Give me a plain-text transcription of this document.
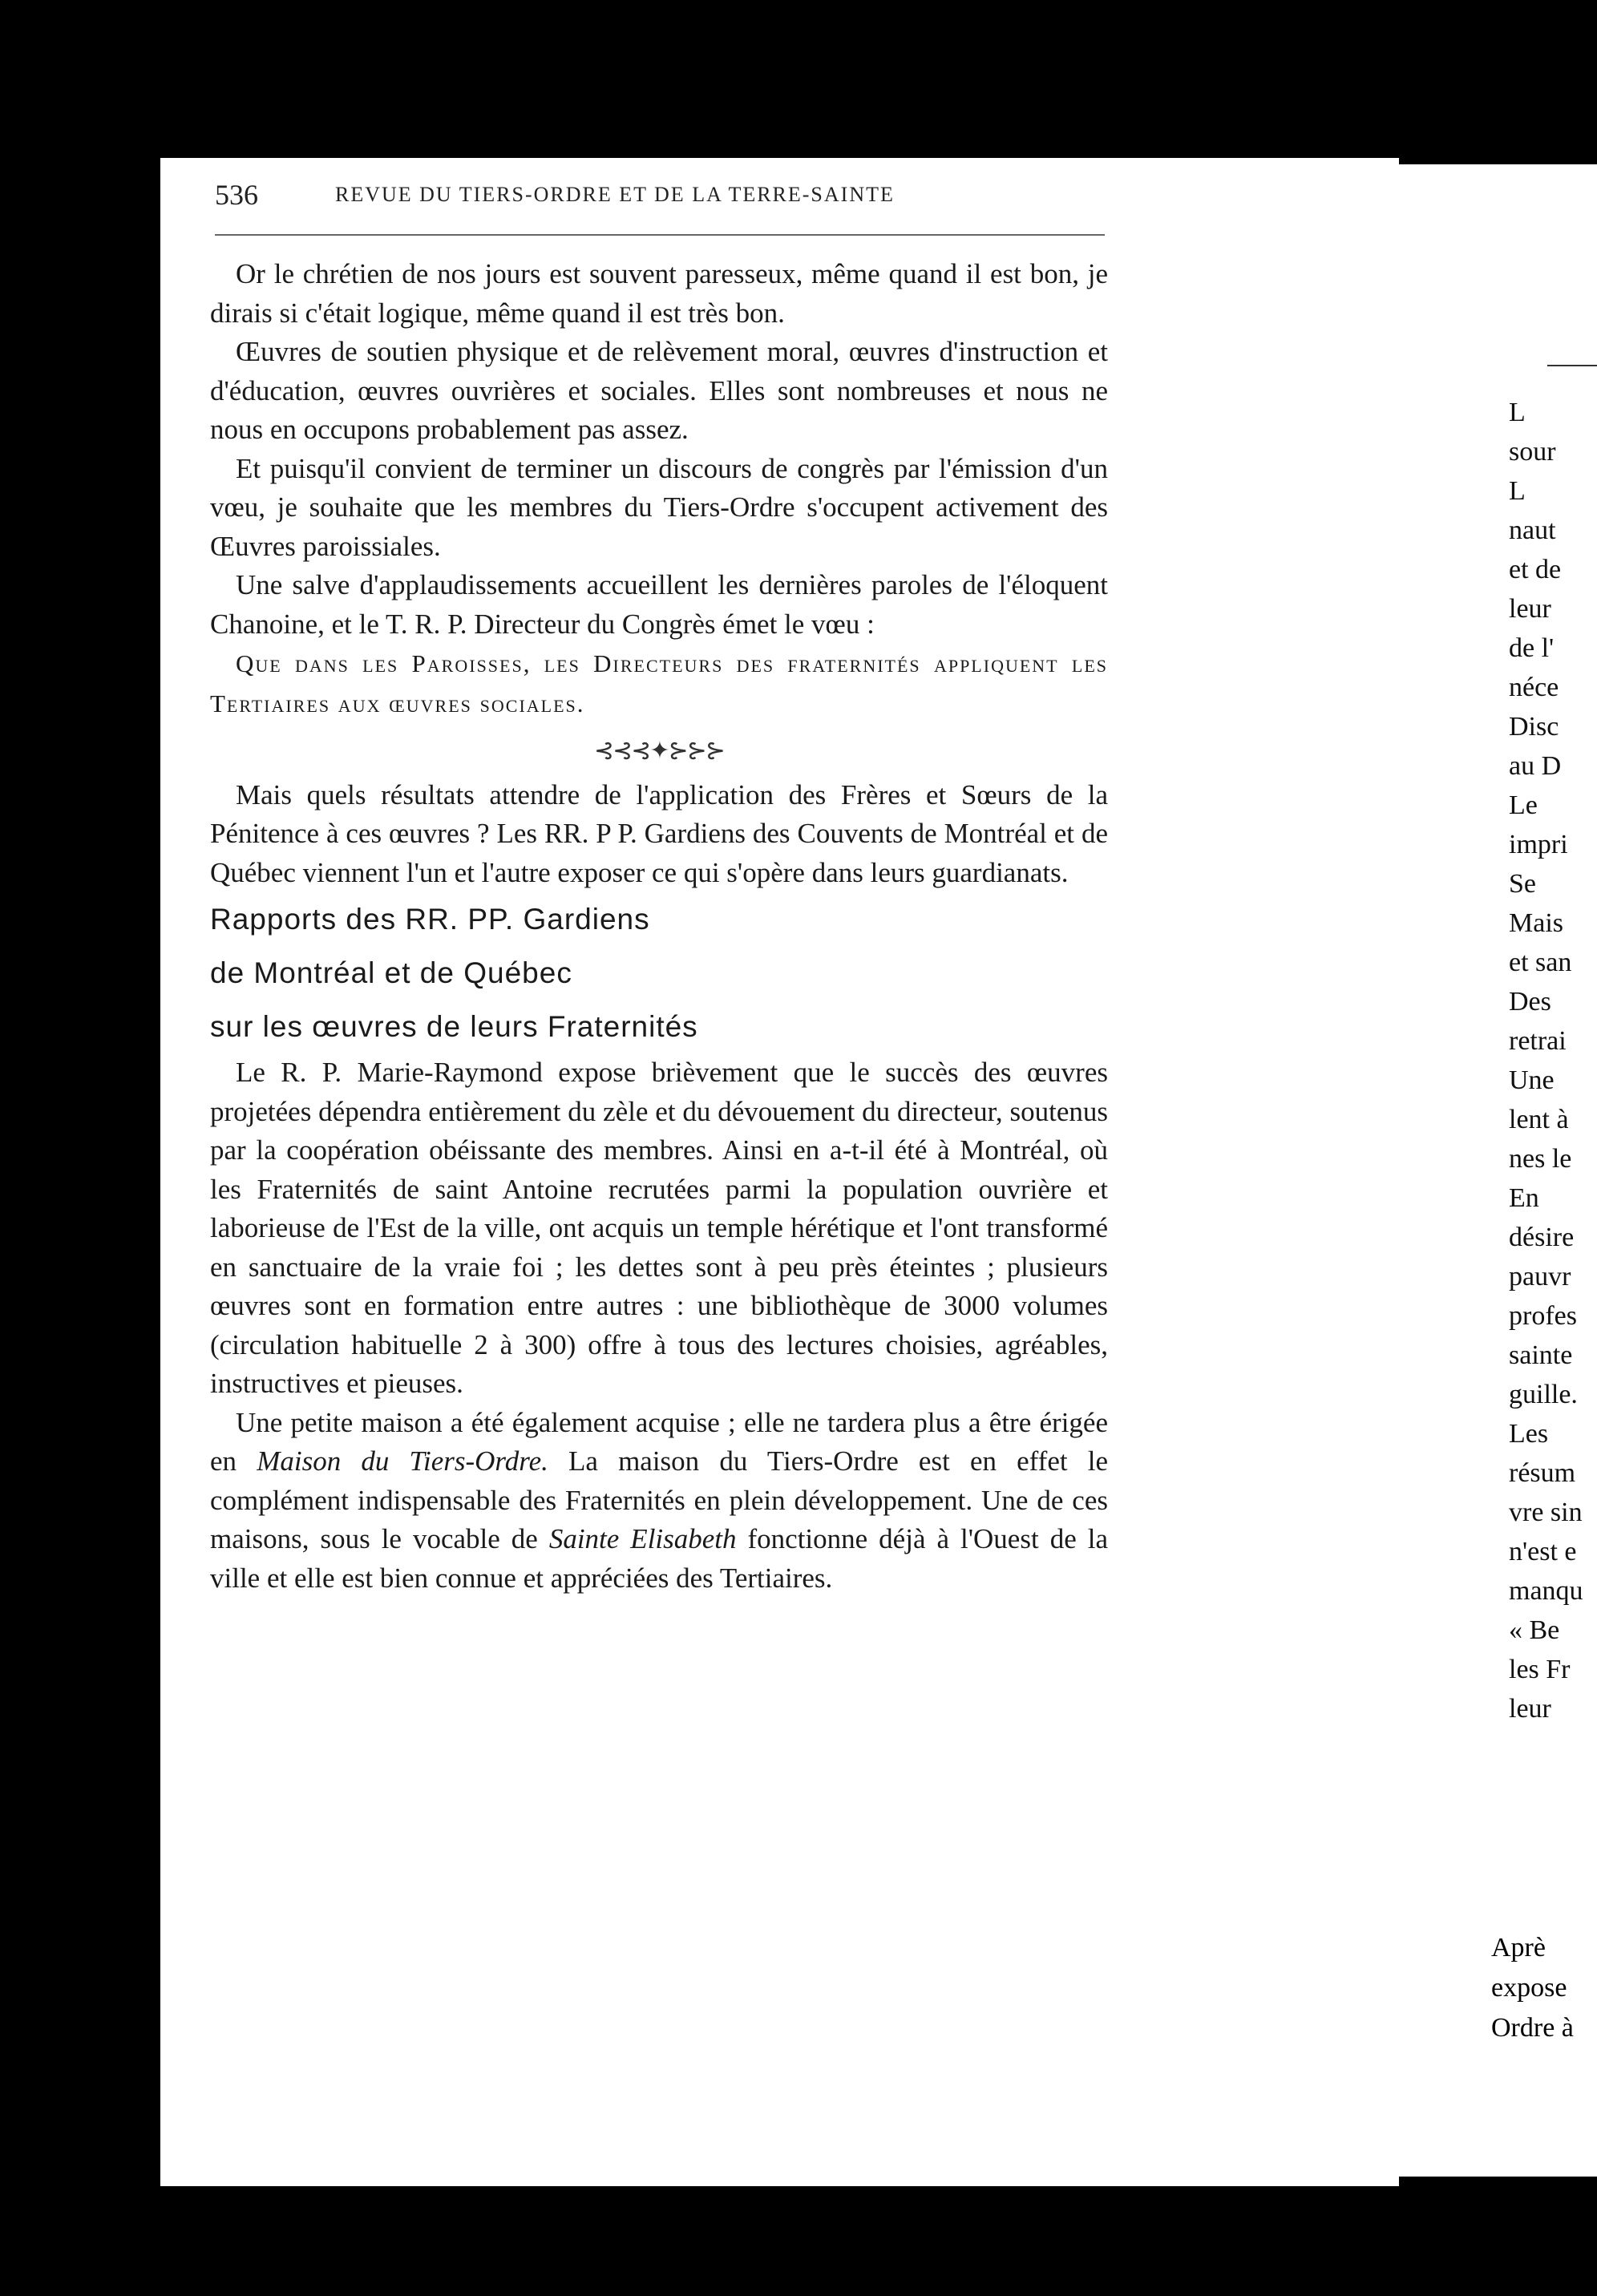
536	REVUE DU TIERS-ORDRE ET DE LA TERRE-SAINTE

Or le chrétien de nos jours est souvent paresseux, même quand il est bon, je dirais si c'était logique, même quand il est très bon.

Œuvres de soutien physique et de relèvement moral, œuvres d'instruction et d'éducation, œuvres ouvrières et sociales. Elles sont nombreuses et nous ne nous en occupons probablement pas assez.

Et puisqu'il convient de terminer un discours de congrès par l'émission d'un vœu, je souhaite que les membres du Tiers-Ordre s'occupent activement des Œuvres paroissiales.

Une salve d'applaudissements accueillent les dernières paroles de l'éloquent Chanoine, et le T. R. P. Directeur du Congrès émet le vœu :

Que dans les Paroisses, les Directeurs des fraternités appliquent les Tertiaires aux œuvres sociales.

⊰⊰⊰✦⊱⊱⊱

Mais quels résultats attendre de l'application des Frères et Sœurs de la Pénitence à ces œuvres ? Les RR. P P. Gardiens des Couvents de Montréal et de Québec viennent l'un et l'autre exposer ce qui s'opère dans leurs guardianats.

Rapports des RR. PP. Gardiens

de Montréal et de Québec

sur les œuvres de leurs Fraternités

Le R. P. Marie-Raymond expose brièvement que le succès des œuvres projetées dépendra entièrement du zèle et du dévouement du directeur, soutenus par la coopération obéissante des membres. Ainsi en a-t-il été à Montréal, où les Fraternités de saint Antoine recrutées parmi la population ouvrière et laborieuse de l'Est de la ville, ont acquis un temple hérétique et l'ont transformé en sanctuaire de la vraie foi ; les dettes sont à peu près éteintes ; plusieurs œuvres sont en formation entre autres : une bibliothèque de 3000 volumes (circulation habituelle 2 à 300) offre à tous des lectures choisies, agréables, instructives et pieuses.

Une petite maison a été également acquise ; elle ne tardera plus a être érigée en Maison du Tiers-Ordre. La maison du Tiers-Ordre est en effet le complément indispensable des Fraternités en plein développement. Une de ces maisons, sous le vocable de Sainte Elisabeth fonctionne déjà à l'Ouest de la ville et elle est bien connue et appréciées des Tertiaires.

L
sour
L
naut
et de
leur
de l'
néce
Disc
au D
Le
impri
Se
Mais
et san
Des
retrai
Une
lent à
nes le
En
désire
pauvr
profes
sainte
guille.
Les
résum
vre sin
n'est e
manqu
« Be
les Fr
leur
Aprè
expose
Ordre à
